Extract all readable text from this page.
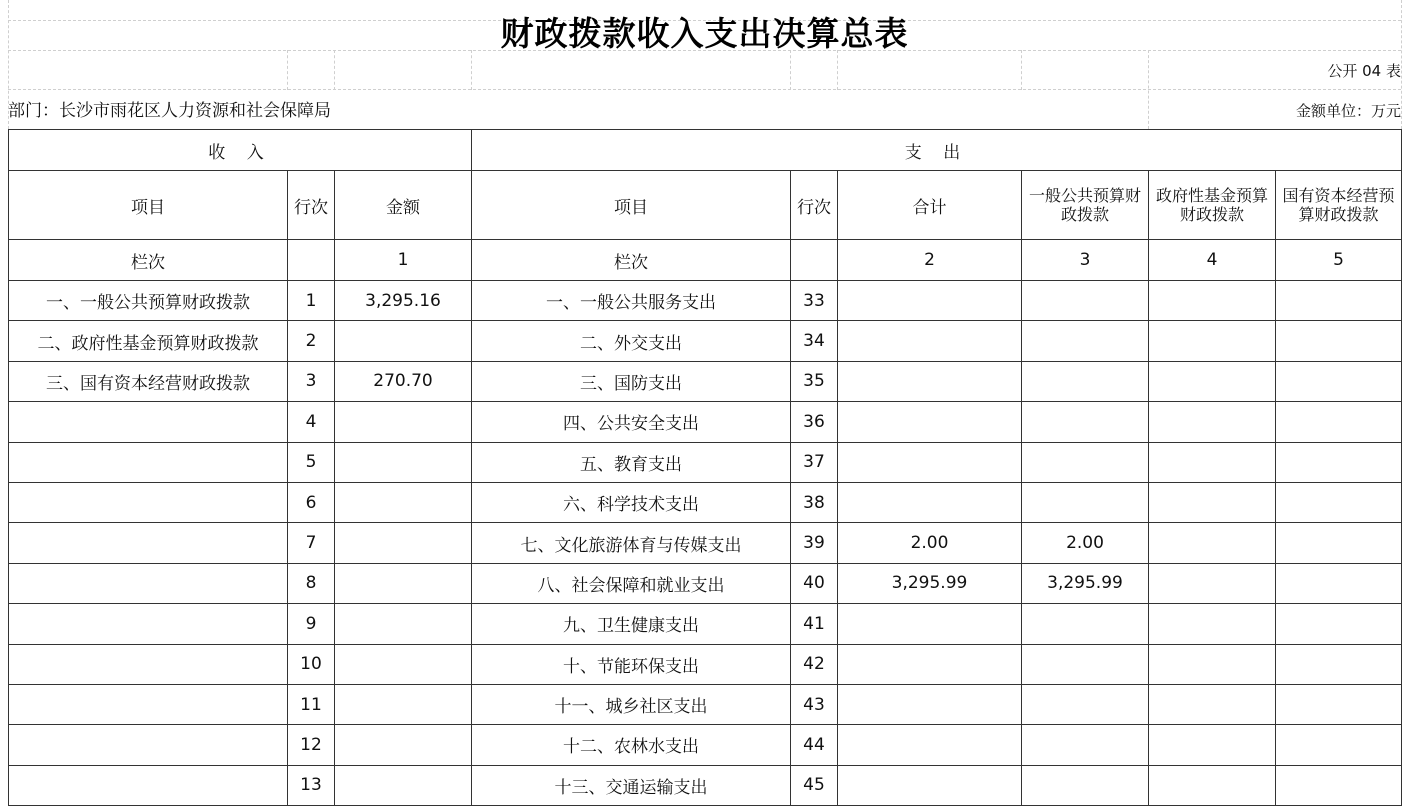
财政拨款收入支出决算总表
公开 04 表
部门：长沙市雨花区人力资源和社会保障局	金额单位：万元
收 入			支 出					
项目	行次	金额	项目	行次	合计	一般公共预算财政拨款	政府性基金预算财政拨款	国有资本经营预算财政拨款
栏次		1	栏次		2	3	4	5
一、一般公共预算财政拨款	1	3,295.16	一、一般公共服务支出	33				
二、政府性基金预算财政拨款	2		二、外交支出	34				
三、国有资本经营财政拨款	3	270.70	三、国防支出	35				
	4		四、公共安全支出	36				
	5		五、教育支出	37				
	6		六、科学技术支出	38				
	7		七、文化旅游体育与传媒支出	39	2.00	2.00		
	8		八、社会保障和就业支出	40	3,295.99	3,295.99		
	9		九、卫生健康支出	41				
	10		十、节能环保支出	42				
	11		十一、城乡社区支出	43				
	12		十二、农林水支出	44				
	13		十三、交通运输支出	45				
